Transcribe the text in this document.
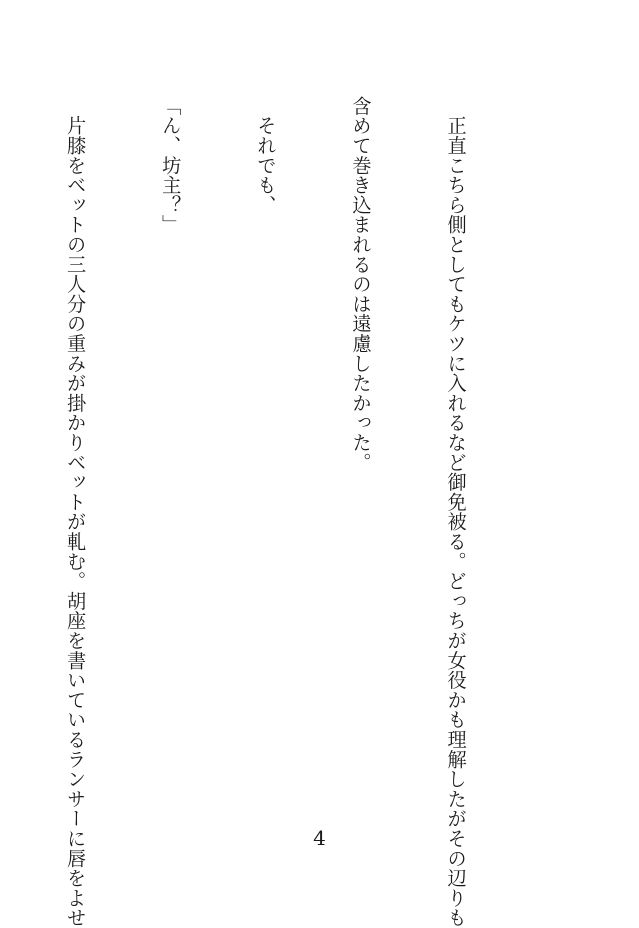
　正直こちら側としてもケツに入れるなど御免被る。どっちが女役かも理解したがその辺りも

含めて巻き込まれるのは遠慮したかった。

　それでも、

「ん、坊主？」

　片膝をベットの三人分の重みが掛かりベットが軋む。胡座を書いているランサーに唇をよせ

	4
